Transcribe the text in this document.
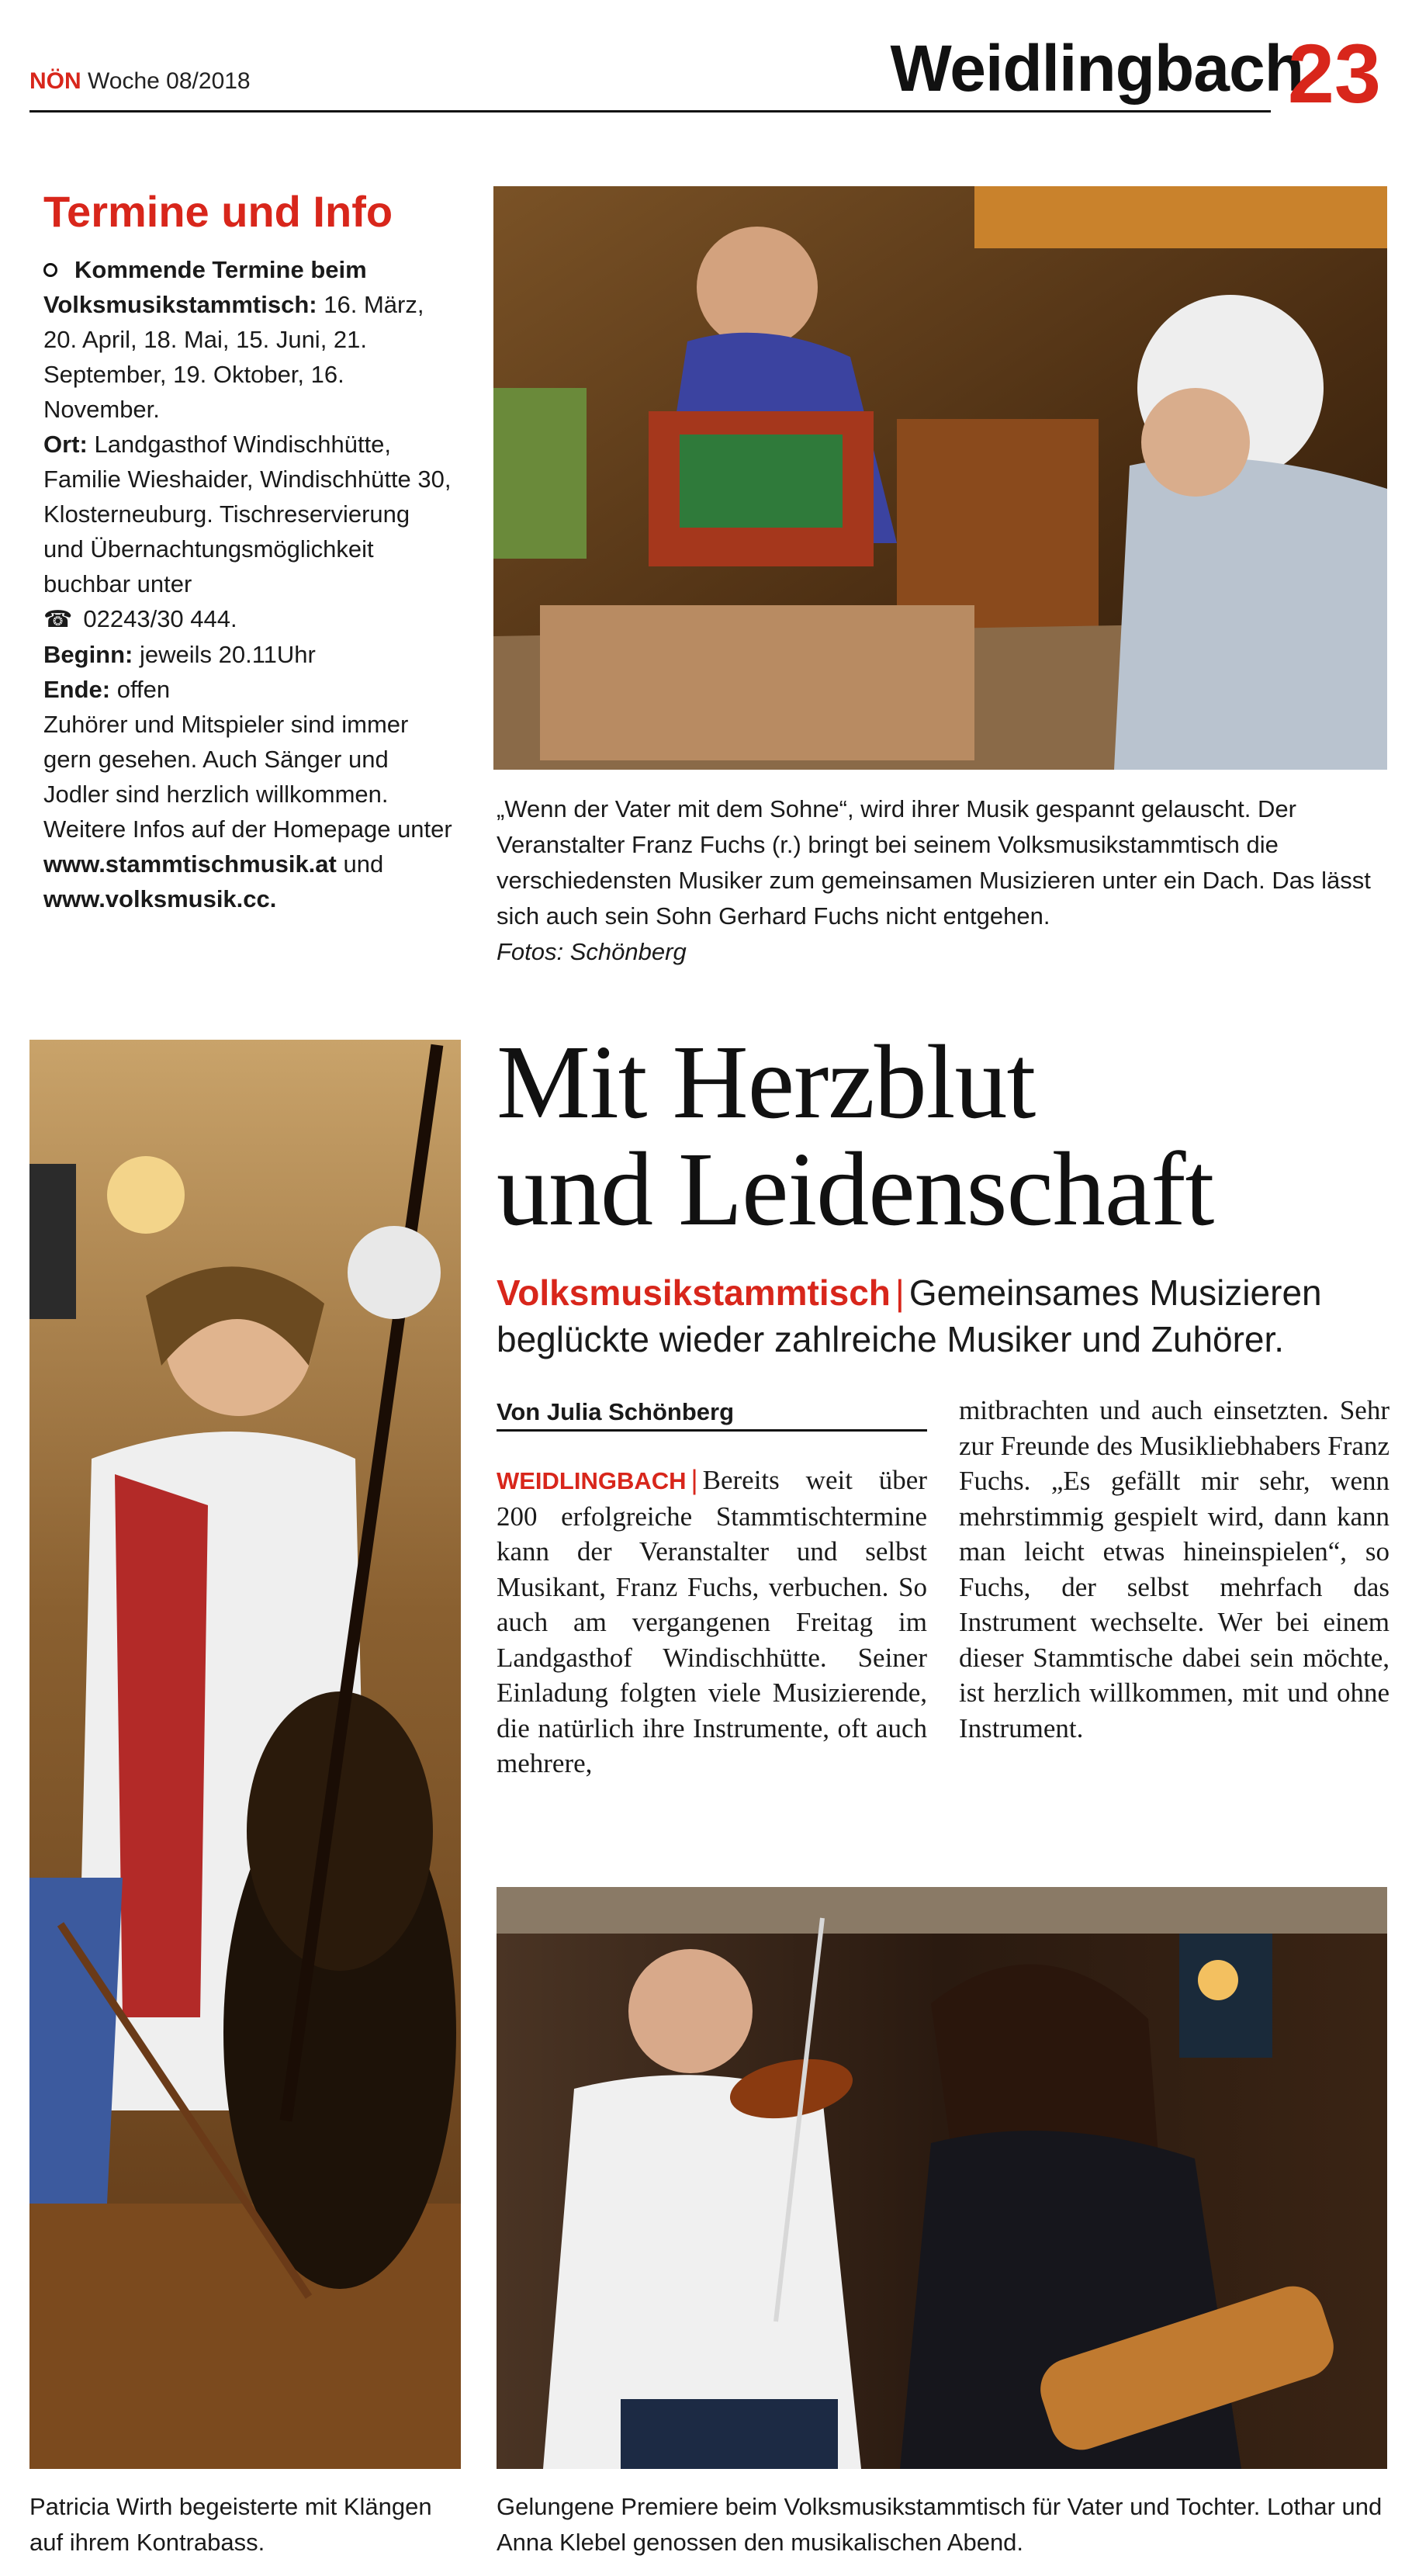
NÖN Woche 08/2018	Weidlingbach
23
Termine und Info
Kommende Termine beim Volksmusikstammtisch: 16. März, 20. April, 18. Mai, 15. Juni, 21. September, 19. Oktober, 16. November.
Ort: Landgasthof Windischhütte, Familie Wieshaider, Windischhütte 30, Klosterneuburg. Tischreservierung und Übernachtungsmöglichkeit buchbar unter
☎ 02243/30 444.
Beginn: jeweils 20.11Uhr
Ende: offen
Zuhörer und Mitspieler sind immer gern gesehen. Auch Sänger und Jodler sind herzlich willkommen. Weitere Infos auf der Homepage unter www.stammtischmusik.at und www.volksmusik.cc.
„Wenn der Vater mit dem Sohne“, wird ihrer Musik gespannt gelauscht. Der Veranstalter Franz Fuchs (r.) bringt bei seinem Volksmusikstammtisch die verschiedensten Musiker zum gemeinsamen Musizieren unter ein Dach. Das lässt sich auch sein Sohn Gerhard Fuchs nicht entgehen.
Fotos: Schönberg
Patricia Wirth begeisterte mit Klängen auf ihrem Kontrabass.
Mit Herzblut
und Leidenschaft
Volksmusikstammtisch | Gemeinsames Musizieren beglückte wieder zahlreiche Musiker und Zuhörer.
Von Julia Schönberg
WEIDLINGBACH | Bereits weit über 200 erfolgreiche Stammtischtermine kann der Veranstalter und selbst Musikant, Franz Fuchs, verbuchen. So auch am vergangenen Freitag im Landgasthof Windischhütte. Seiner Einladung folgten viele Musizierende, die natürlich ihre Instrumente, oft auch mehrere,
mitbrachten und auch einsetzten. Sehr zur Freunde des Musikliebhabers Franz Fuchs. „Es gefällt mir sehr, wenn mehrstimmig gespielt wird, dann kann man leicht etwas hineinspielen“, so Fuchs, der selbst mehrfach das Instrument wechselte. Wer bei einem dieser Stammtische dabei sein möchte, ist herzlich willkommen, mit und ohne Instrument.
Gelungene Premiere beim Volksmusikstammtisch für Vater und Tochter. Lothar und Anna Klebel genossen den musikalischen Abend.
